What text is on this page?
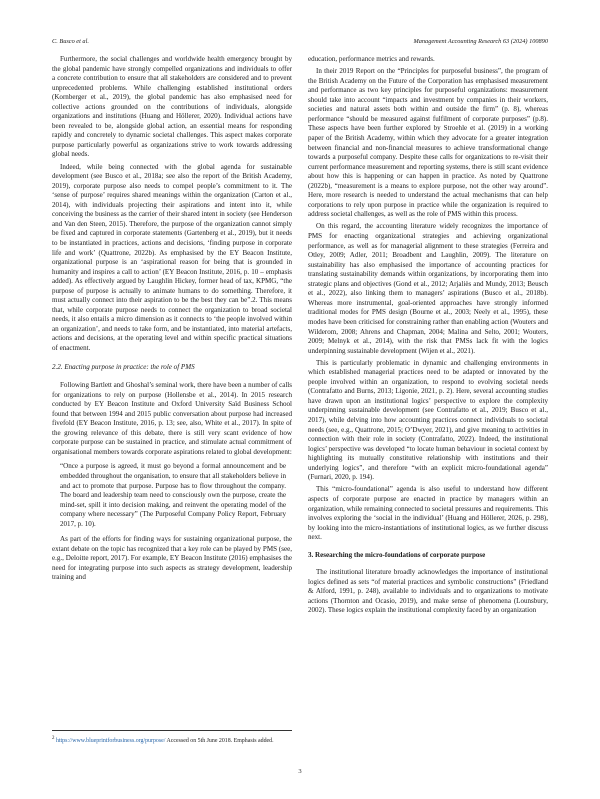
C. Busco et al.	Management Accounting Research 63 (2024) 100890

Furthermore, the social challenges and worldwide health emergency brought by the global pandemic have strongly compelled organizations and individuals to offer a concrete contribution to ensure that all stakeholders are considered and to prevent unprecedented problems. While challenging established institutional orders (Kornberger et al., 2019), the global pandemic has also emphasised need for collective actions grounded on the contributions of individuals, alongside organizations and institutions (Huang and Höllerer, 2020). Individual actions have been revealed to be, alongside global action, an essential means for responding rapidly and concretely to dynamic societal challenges. This aspect makes corporate purpose particularly powerful as organizations strive to work towards addressing global needs.

Indeed, while being connected with the global agenda for sustainable development (see Busco et al., 2018a; see also the report of the British Academy, 2019), corporate purpose also needs to compel people’s commitment to it. The ‘sense of purpose’ requires shared meanings within the organization (Carton et al., 2014), with individuals projecting their aspirations and intent into it, while conceiving the business as the carrier of their shared intent in society (see Henderson and Van den Steen, 2015). Therefore, the purpose of the organization cannot simply be fixed and captured in corporate statements (Gartenberg et al., 2019), but it needs to be instantiated in practices, actions and decisions, ‘finding purpose in corporate life and work’ (Quattrone, 2022b). As emphasised by the EY Beacon Institute, organizational purpose is an ‘aspirational reason for being that is grounded in humanity and inspires a call to action’ (EY Beacon Institute, 2016, p. 10 – emphasis added). As effectively argued by Laughlin Hickey, former head of tax, KPMG, “the purpose of purpose is actually to animate humans to do something. Therefore, it must actually connect into their aspiration to be the best they can be”.2. This means that, while corporate purpose needs to connect the organization to broad societal needs, it also entails a micro dimension as it connects to ‘the people involved within an organization’, and needs to take form, and be instantiated, into material artefacts, actions and decisions, at the operating level and within specific practical situations of enactment.

2.2. Enacting purpose in practice: the role of PMS

Following Bartlett and Ghoshal’s seminal work, there have been a number of calls for organizations to rely on purpose (Hollensbe et al., 2014). In 2015 research conducted by EY Beacon Institute and Oxford University Saïd Business School found that between 1994 and 2015 public conversation about purpose had increased fivefold (EY Beacon Institute, 2016, p. 13; see, also, White et al., 2017). In spite of the growing relevance of this debate, there is still very scant evidence of how corporate purpose can be sustained in practice, and stimulate actual commitment of organisational members towards corporate aspirations related to global development:

“Once a purpose is agreed, it must go beyond a formal announcement and be embedded throughout the organisation, to ensure that all stakeholders believe in and act to promote that purpose. Purpose has to flow throughout the company. The board and leadership team need to consciously own the purpose, create the mind-set, spill it into decision making, and reinvent the operating model of the company where necessary” (The Purposeful Company Policy Report, February 2017, p. 10).

As part of the efforts for finding ways for sustaining organizational purpose, the extant debate on the topic has recognized that a key role can be played by PMS (see, e.g., Deloitte report, 2017). For example, EY Beacon Institute (2016) emphasises the need for integrating purpose into such aspects as strategy development, leadership training and

education, performance metrics and rewards.

In their 2019 Report on the “Principles for purposeful business”, the program of the British Academy on the Future of the Corporation has emphasised measurement and performance as two key principles for purposeful organizations: measurement should take into account “impacts and investment by companies in their workers, societies and natural assets both within and outside the firm” (p. 8), whereas performance “should be measured against fulfilment of corporate purposes” (p.8). These aspects have been further explored by Stroehle et al. (2019) in a working paper of the British Academy, within which they advocate for a greater integration between financial and non-financial measures to achieve transformational change towards a purposeful company. Despite these calls for organizations to re-visit their current performance measurement and reporting systems, there is still scant evidence about how this is happening or can happen in practice. As noted by Quattrone (2022b), “measurement is a means to explore purpose, not the other way around”. Here, more research is needed to understand the actual mechanisms that can help corporations to rely upon purpose in practice while the organization is required to address societal challenges, as well as the role of PMS within this process.

On this regard, the accounting literature widely recognizes the importance of PMS for enacting organizational strategies and achieving organizational performance, as well as for managerial alignment to these strategies (Ferreira and Otley, 2009; Adler, 2011; Broadbent and Laughlin, 2009). The literature on sustainability has also emphasised the importance of accounting practices for translating sustainability demands within organizations, by incorporating them into strategic plans and objectives (Gond et al., 2012; Arjaliès and Mundy, 2013; Beusch et al., 2022), also linking them to managers’ aspirations (Busco et al., 2018b). Whereas more instrumental, goal-oriented approaches have strongly informed traditional modes for PMS design (Bourne et al., 2003; Neely et al., 1995), these modes have been criticised for constraining rather than enabling action (Wouters and Wilderom, 2008; Ahrens and Chapman, 2004; Malina and Selto, 2001; Wouters, 2009; Melnyk et al., 2014), with the risk that PMSs lack fit with the logics underpinning sustainable development (Wijen et al., 2021).

This is particularly problematic in dynamic and challenging environments in which established managerial practices need to be adapted or innovated by the people involved within an organization, to respond to evolving societal needs (Contrafatto and Burns, 2013; Ligonie, 2021, p. 2). Here, several accounting studies have drawn upon an institutional logics’ perspective to explore the complexity underpinning sustainable development (see Contrafatto et al., 2019; Busco et al., 2017), while delving into how accounting practices connect individuals to societal needs (see, e.g., Quattrone, 2015; O’Dwyer, 2021), and give meaning to activities in connection with their role in society (Contrafatto, 2022). Indeed, the institutional logics’ perspective was developed “to locate human behaviour in societal context by highlighting its mutually constitutive relationship with institutions and their underlying logics”, and therefore “with an explicit micro-foundational agenda” (Furnari, 2020, p. 194).

This “micro-foundational” agenda is also useful to understand how different aspects of corporate purpose are enacted in practice by managers within an organization, while remaining connected to societal pressures and requirements. This involves exploring the ‘social in the individual’ (Huang and Höllerer, 2026, p. 298), by looking into the micro-instantiations of institutional logics, as we further discuss next.

3. Researching the micro-foundations of corporate purpose

The institutional literature broadly acknowledges the importance of institutional logics defined as sets “of material practices and symbolic constructions” (Friedland & Alford, 1991, p. 248), available to individuals and to organizations to motivate actions (Thornton and Ocasio, 2019), and make sense of phenomena (Lounsbury, 2002). These logics explain the institutional complexity faced by an organization

$^2$ https://www.blueprintforbusiness.org/purpose/ Accessed on 5th June 2018. Emphasis added.
3
